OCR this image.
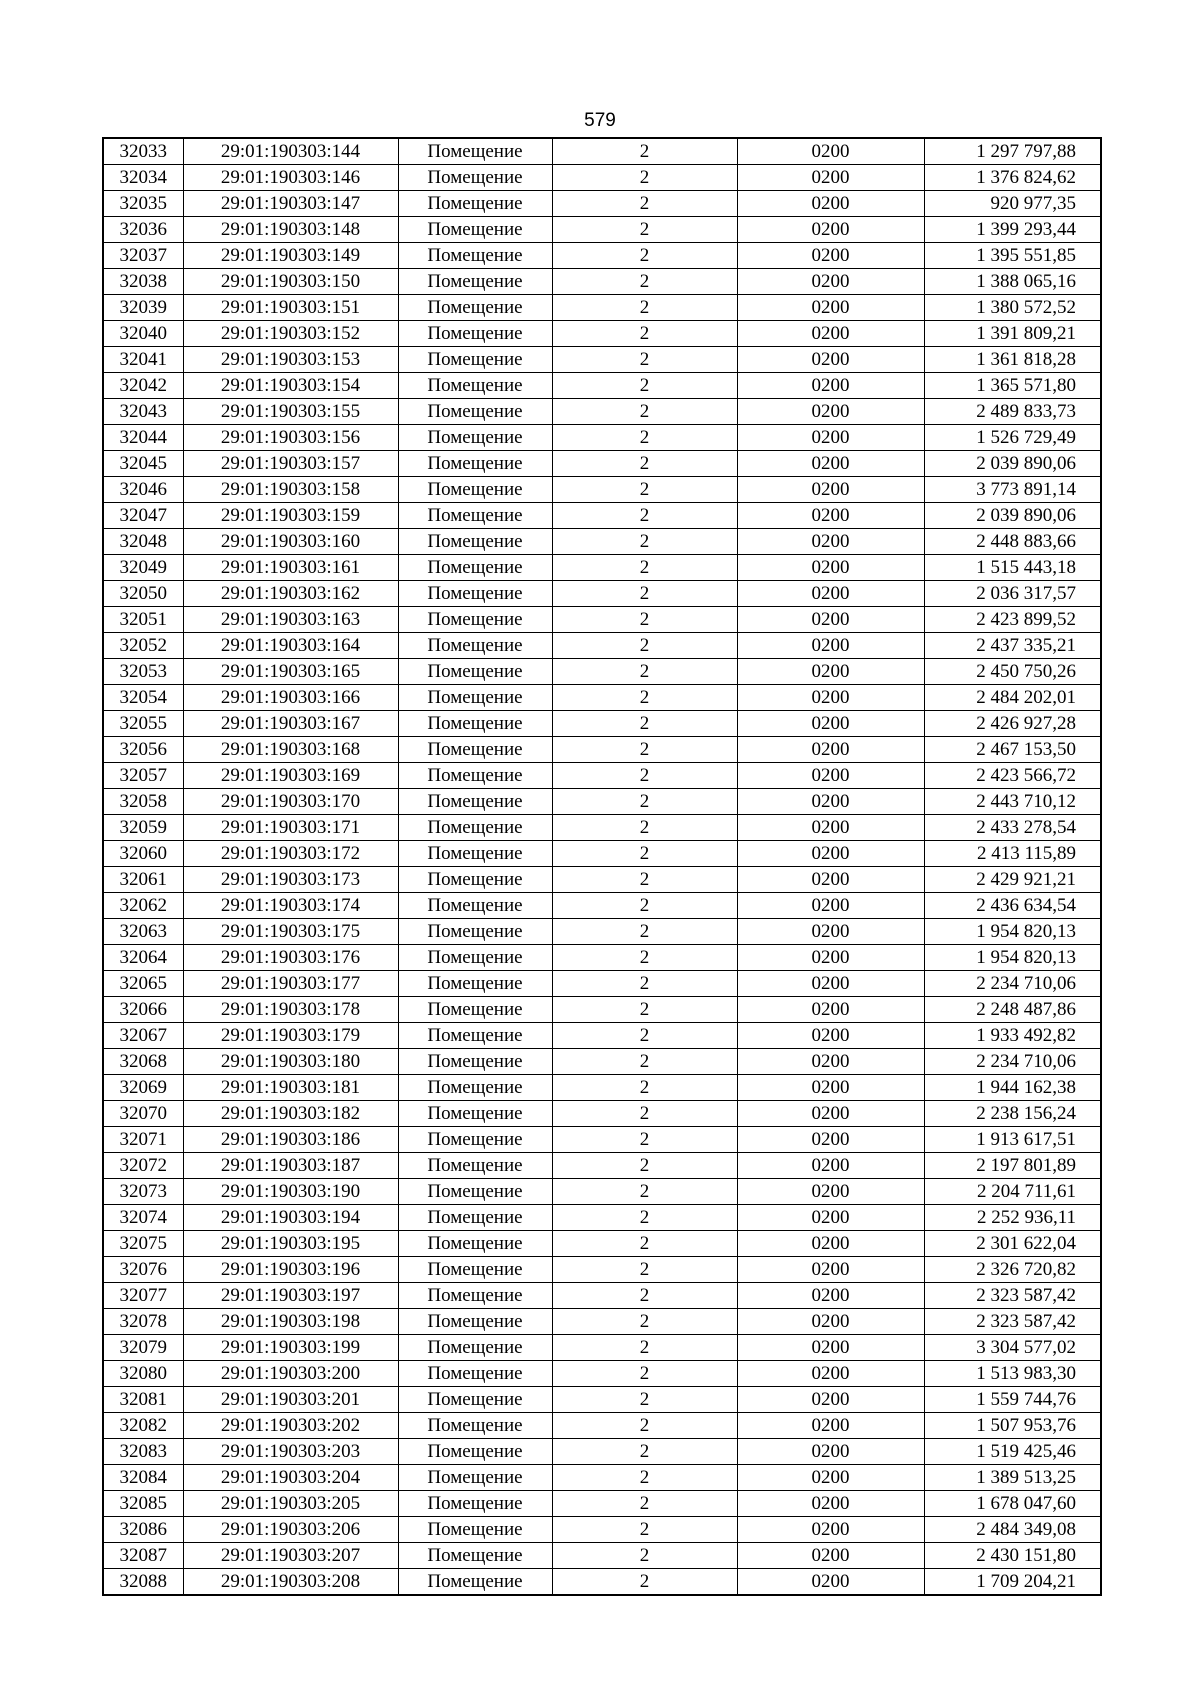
579
32033	29:01:190303:144	Помещение	2	0200	1 297 797,88
32034	29:01:190303:146	Помещение	2	0200	1 376 824,62
32035	29:01:190303:147	Помещение	2	0200	920 977,35
32036	29:01:190303:148	Помещение	2	0200	1 399 293,44
32037	29:01:190303:149	Помещение	2	0200	1 395 551,85
32038	29:01:190303:150	Помещение	2	0200	1 388 065,16
32039	29:01:190303:151	Помещение	2	0200	1 380 572,52
32040	29:01:190303:152	Помещение	2	0200	1 391 809,21
32041	29:01:190303:153	Помещение	2	0200	1 361 818,28
32042	29:01:190303:154	Помещение	2	0200	1 365 571,80
32043	29:01:190303:155	Помещение	2	0200	2 489 833,73
32044	29:01:190303:156	Помещение	2	0200	1 526 729,49
32045	29:01:190303:157	Помещение	2	0200	2 039 890,06
32046	29:01:190303:158	Помещение	2	0200	3 773 891,14
32047	29:01:190303:159	Помещение	2	0200	2 039 890,06
32048	29:01:190303:160	Помещение	2	0200	2 448 883,66
32049	29:01:190303:161	Помещение	2	0200	1 515 443,18
32050	29:01:190303:162	Помещение	2	0200	2 036 317,57
32051	29:01:190303:163	Помещение	2	0200	2 423 899,52
32052	29:01:190303:164	Помещение	2	0200	2 437 335,21
32053	29:01:190303:165	Помещение	2	0200	2 450 750,26
32054	29:01:190303:166	Помещение	2	0200	2 484 202,01
32055	29:01:190303:167	Помещение	2	0200	2 426 927,28
32056	29:01:190303:168	Помещение	2	0200	2 467 153,50
32057	29:01:190303:169	Помещение	2	0200	2 423 566,72
32058	29:01:190303:170	Помещение	2	0200	2 443 710,12
32059	29:01:190303:171	Помещение	2	0200	2 433 278,54
32060	29:01:190303:172	Помещение	2	0200	2 413 115,89
32061	29:01:190303:173	Помещение	2	0200	2 429 921,21
32062	29:01:190303:174	Помещение	2	0200	2 436 634,54
32063	29:01:190303:175	Помещение	2	0200	1 954 820,13
32064	29:01:190303:176	Помещение	2	0200	1 954 820,13
32065	29:01:190303:177	Помещение	2	0200	2 234 710,06
32066	29:01:190303:178	Помещение	2	0200	2 248 487,86
32067	29:01:190303:179	Помещение	2	0200	1 933 492,82
32068	29:01:190303:180	Помещение	2	0200	2 234 710,06
32069	29:01:190303:181	Помещение	2	0200	1 944 162,38
32070	29:01:190303:182	Помещение	2	0200	2 238 156,24
32071	29:01:190303:186	Помещение	2	0200	1 913 617,51
32072	29:01:190303:187	Помещение	2	0200	2 197 801,89
32073	29:01:190303:190	Помещение	2	0200	2 204 711,61
32074	29:01:190303:194	Помещение	2	0200	2 252 936,11
32075	29:01:190303:195	Помещение	2	0200	2 301 622,04
32076	29:01:190303:196	Помещение	2	0200	2 326 720,82
32077	29:01:190303:197	Помещение	2	0200	2 323 587,42
32078	29:01:190303:198	Помещение	2	0200	2 323 587,42
32079	29:01:190303:199	Помещение	2	0200	3 304 577,02
32080	29:01:190303:200	Помещение	2	0200	1 513 983,30
32081	29:01:190303:201	Помещение	2	0200	1 559 744,76
32082	29:01:190303:202	Помещение	2	0200	1 507 953,76
32083	29:01:190303:203	Помещение	2	0200	1 519 425,46
32084	29:01:190303:204	Помещение	2	0200	1 389 513,25
32085	29:01:190303:205	Помещение	2	0200	1 678 047,60
32086	29:01:190303:206	Помещение	2	0200	2 484 349,08
32087	29:01:190303:207	Помещение	2	0200	2 430 151,80
32088	29:01:190303:208	Помещение	2	0200	1 709 204,21
